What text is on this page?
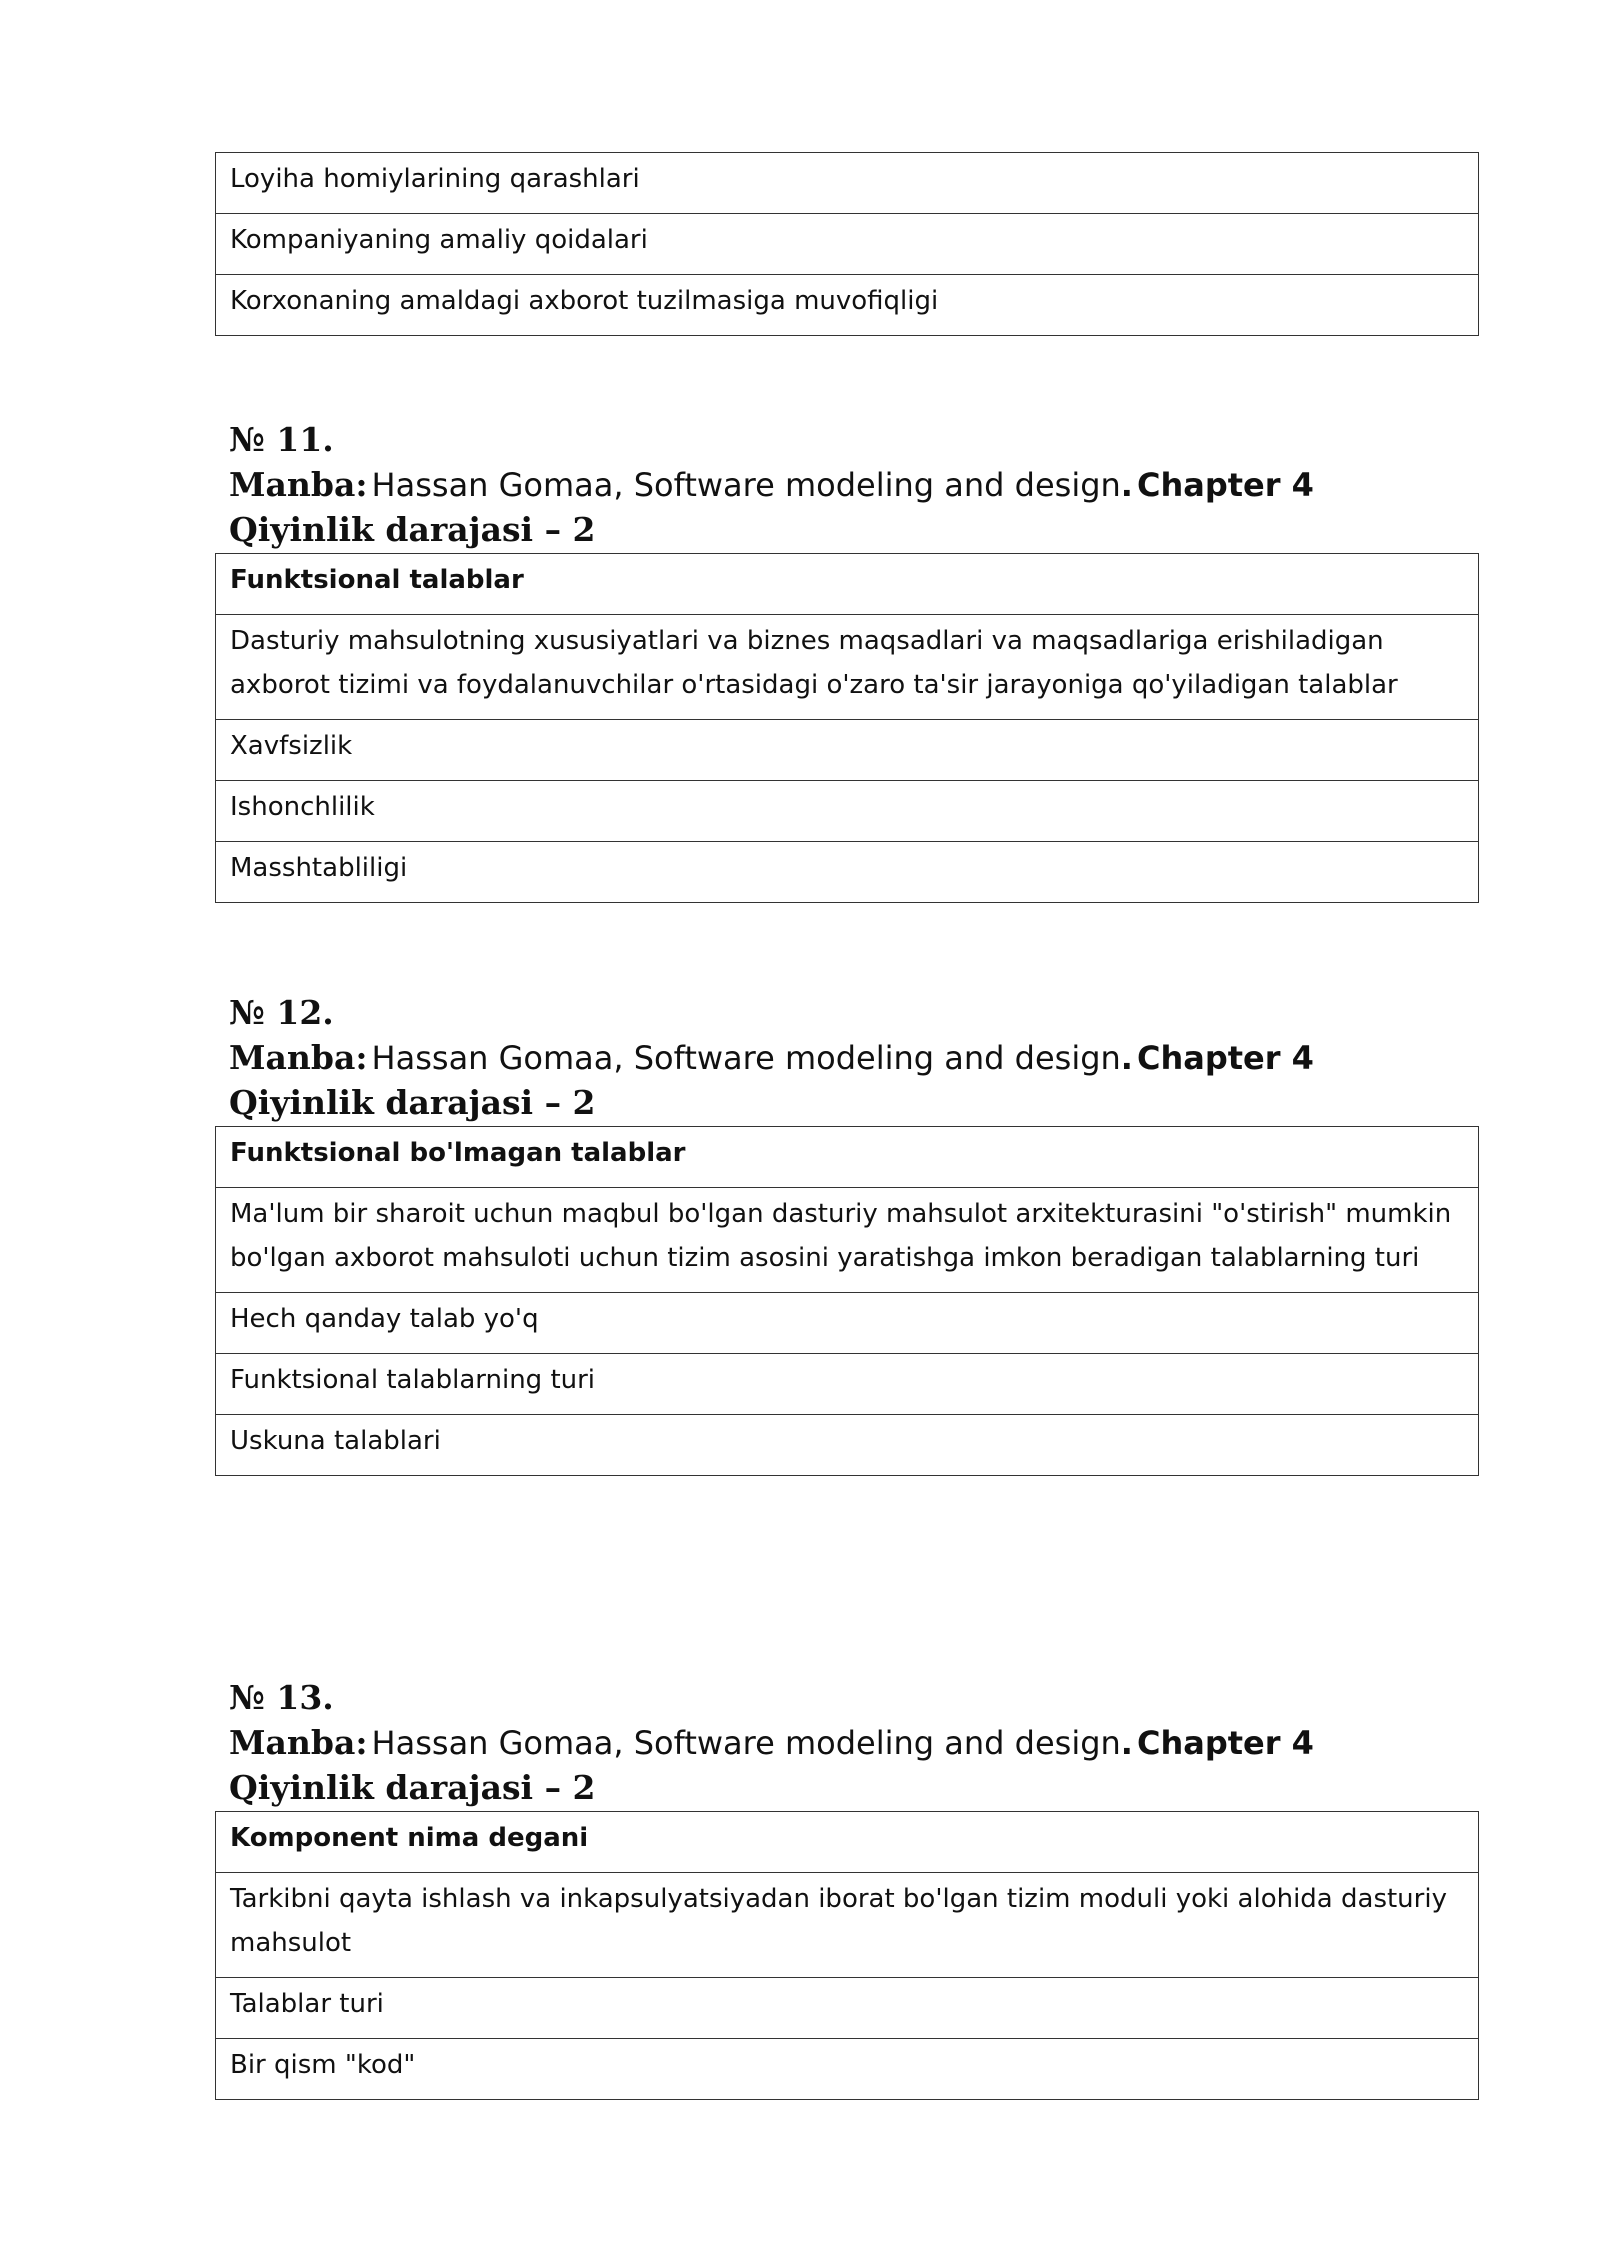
Loyiha homiylarining qarashlari
Kompaniyaning amaliy qoidalari
Korxonaning amaldagi axborot tuzilmasiga muvofiqligi
№ 11.
Manba: Hassan Gomaa, Software modeling and design. Chapter 4
Qiyinlik darajasi – 2
Funktsional talablar
Dasturiy mahsulotning xususiyatlari va biznes maqsadlari va maqsadlariga erishiladigan axborot tizimi va foydalanuvchilar o'rtasidagi o'zaro ta'sir jarayoniga qo'yiladigan talablar
Xavfsizlik
Ishonchlilik
Masshtabliligi
№ 12.
Manba: Hassan Gomaa, Software modeling and design. Chapter 4
Qiyinlik darajasi – 2
Funktsional bo'lmagan talablar
Ma'lum bir sharoit uchun maqbul bo'lgan dasturiy mahsulot arxitekturasini "o'stirish" mumkin bo'lgan axborot mahsuloti uchun tizim asosini yaratishga imkon beradigan talablarning turi
Hech qanday talab yo'q
Funktsional talablarning turi
Uskuna talablari
№ 13.
Manba: Hassan Gomaa, Software modeling and design. Chapter 4
Qiyinlik darajasi – 2
Komponent nima degani
Tarkibni qayta ishlash va inkapsulyatsiyadan iborat bo'lgan tizim moduli yoki alohida dasturiy mahsulot
Talablar turi
Bir qism "kod"
